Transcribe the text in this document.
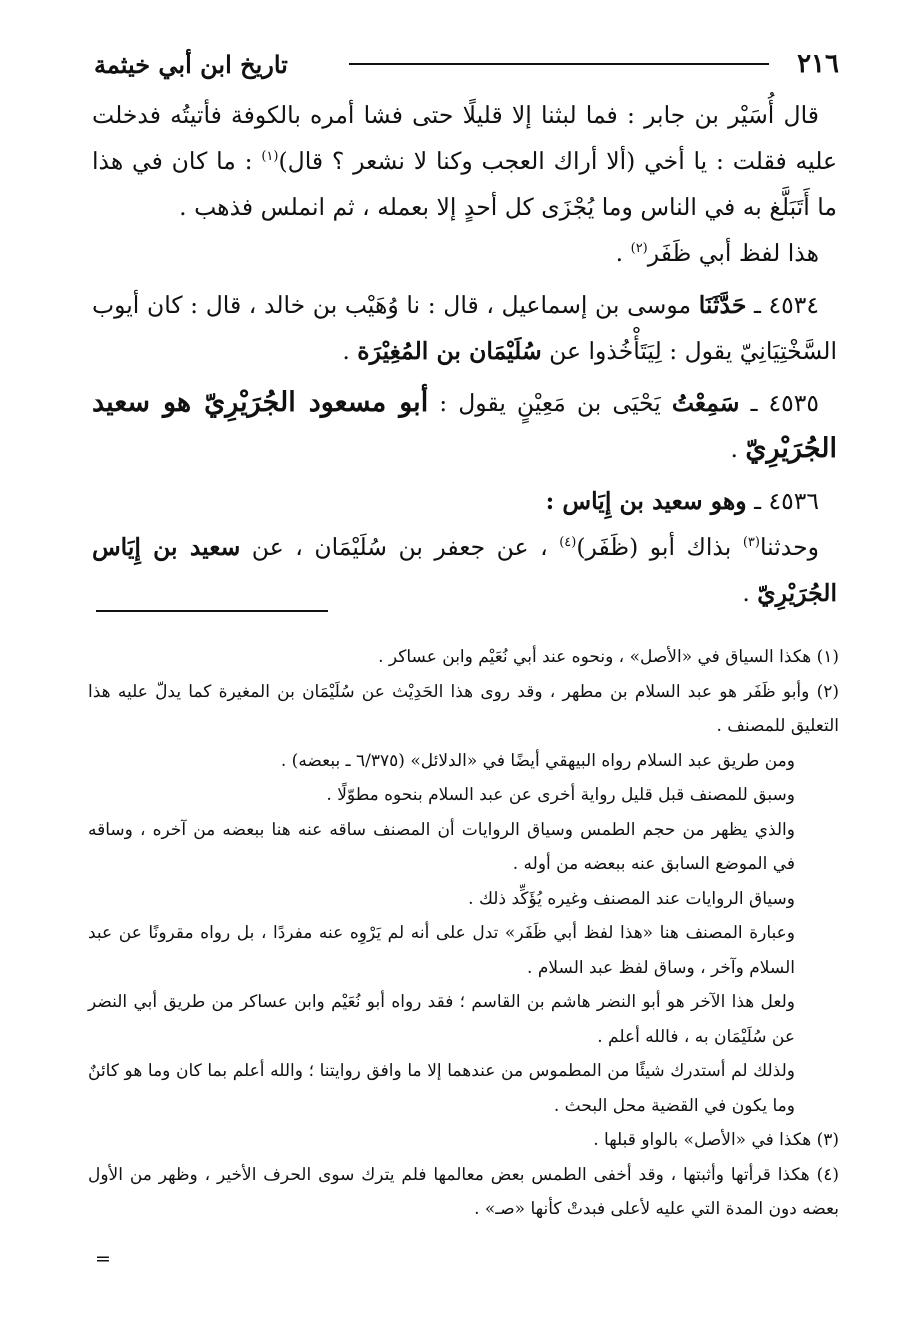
٢١٦
تاريخ ابن أبي خيثمة

قال أُسَيْر بن جابر : فما لبثنا إلا قليلًا حتى فشا أمره بالكوفة فأتيتُه فدخلت عليه فقلت : يا أخي (ألا أراك العجب وكنا لا نشعر ؟ قال)$^{(١)}$ : ما كان في هذا ما أَتَبَلَّغ به في الناس وما يُجْزَى كل أحدٍ إلا بعمله ، ثم انملس فذهب .

هذا لفظ أبي ظَفَر$^{(٢)}$ .

٤٥٣٤ ـ حَدَّثَنَا موسى بن إسماعيل ، قال : نا وُهَيْب بن خالد ، قال : كان أيوب السَّخْتِيَانِيّ يقول : لِيَتَأْخُذوا عن سُلَيْمَان بن المُغِيْرَة .

٤٥٣٥ ـ سَمِعْتُ يَحْيَى بن مَعِيْنٍ يقول : أبو مسعود الجُرَيْرِيّ هو سعيد الجُرَيْرِيّ .

٤٥٣٦ ـ وهو سعيد بن إِيَاس :

وحدثنا$^{(٣)}$ بذاك أبو (ظَفَر)$^{(٤)}$ ، عن جعفر بن سُلَيْمَان ، عن سعيد بن إِيَاس الجُرَيْرِيّ .

(١) هكذا السياق في «الأصل» ، ونحوه عند أبي نُعَيْم وابن عساكر .

(٢) وأبو ظَفَر هو عبد السلام بن مطهر ، وقد روى هذا الحَدِيْث عن سُلَيْمَان بن المغيرة كما يدلّ عليه هذا التعليق للمصنف .

ومن طريق عبد السلام رواه البيهقي أيضًا في «الدلائل» (٦/٣٧٥ ـ ببعضه) .

وسبق للمصنف قبل قليل رواية أخرى عن عبد السلام بنحوه مطوّلًا .

والذي يظهر من حجم الطمس وسياق الروايات أن المصنف ساقه عنه هنا ببعضه من آخره ، وساقه في الموضع السابق عنه ببعضه من أوله .

وسياق الروايات عند المصنف وغيره يُؤَكِّد ذلك .

وعبارة المصنف هنا «هذا لفظ أبي ظَفَر» تدل على أنه لم يَرْوِه عنه مفردًا ، بل رواه مقرونًا عن عبد السلام وآخر ، وساق لفظ عبد السلام .

ولعل هذا الآخر هو أبو النضر هاشم بن القاسم ؛ فقد رواه أبو نُعَيْم وابن عساكر من طريق أبي النضر عن سُلَيْمَان به ، فالله أعلم .

ولذلك لم أستدرك شيئًا من المطموس من عندهما إلا ما وافق روايتنا ؛ والله أعلم بما كان وما هو كائنٌ وما يكون في القضية محل البحث .

(٣) هكذا في «الأصل» بالواو قبلها .

(٤) هكذا قرأتها وأثبتها ، وقد أخفى الطمس بعض معالمها فلم يترك سوى الحرف الأخير ، وظهر من الأول بعضه دون المدة التي عليه لأعلى فبدتْ كأنها «صـ» .

=
